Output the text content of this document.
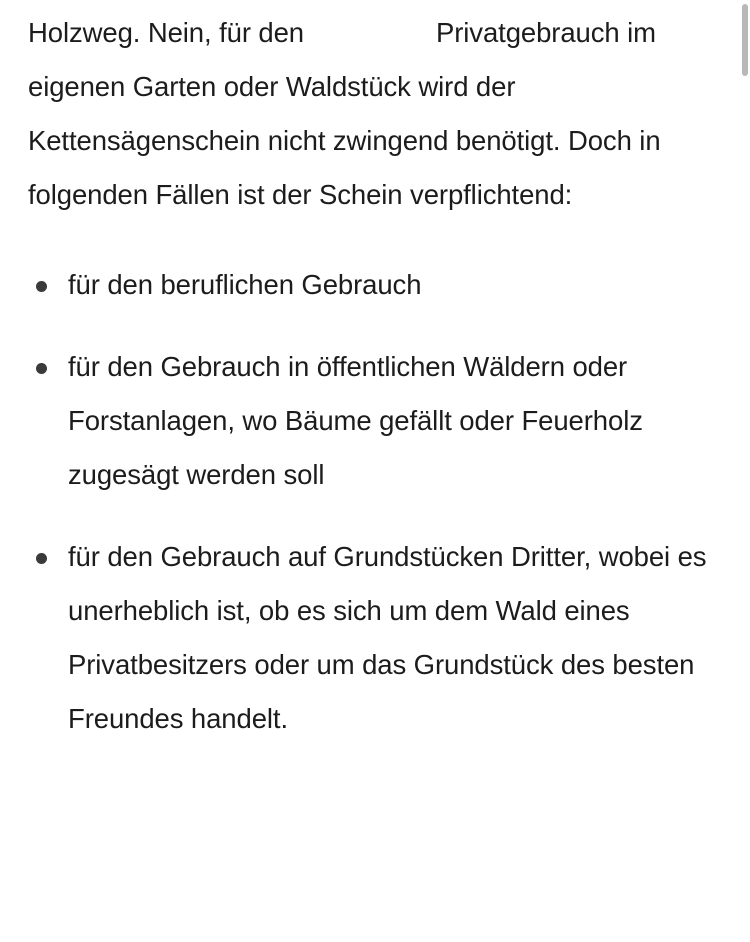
Holzweg. Nein, für den	Privatgebrauch im eigenen Garten oder Waldstück wird der Kettensägenschein nicht zwingend benötigt. Doch in folgenden Fällen ist der Schein verpflichtend:

für den beruflichen Gebrauch
für den Gebrauch in öffentlichen Wäldern oder Forstanlagen, wo Bäume gefällt oder Feuerholz zugesägt werden soll
für den Gebrauch auf Grundstücken Dritter, wobei es unerheblich ist, ob es sich um dem Wald eines Privatbesitzers oder um das Grundstück des besten Freundes handelt.
